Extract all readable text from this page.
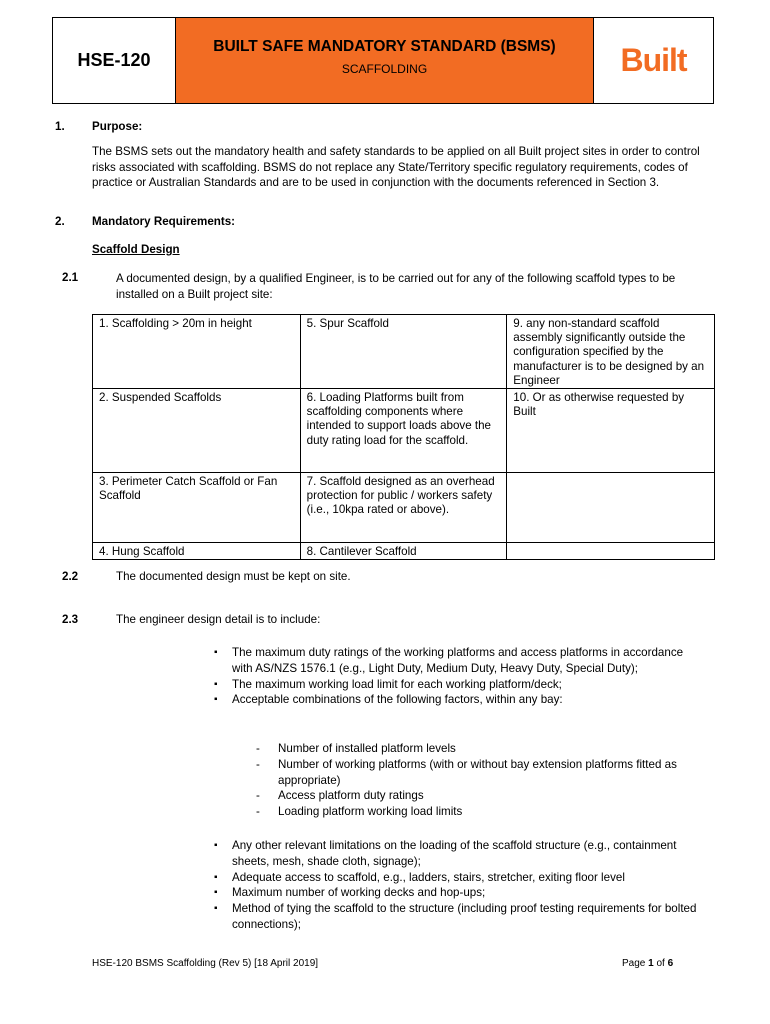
HSE-120
BUILT SAFE MANDATORY STANDARD (BSMS)
SCAFFOLDING	Built
1. Purpose:
The BSMS sets out the mandatory health and safety standards to be applied on all Built project sites in order to control risks associated with scaffolding. BSMS do not replace any State/Territory specific regulatory requirements, codes of practice or Australian Standards and are to be used in conjunction with the documents referenced in Section 3.
2. Mandatory Requirements:
Scaffold Design
2.1	A documented design, by a qualified Engineer, is to be carried out for any of the following scaffold types to be installed on a Built project site:
1. Scaffolding > 20m in height	5. Spur Scaffold	9. any non-standard scaffold assembly significantly outside the configuration specified by the manufacturer is to be designed by an Engineer
2. Suspended Scaffolds	6. Loading Platforms built from scaffolding components where intended to support loads above the duty rating load for the scaffold.	10. Or as otherwise requested by Built
3. Perimeter Catch Scaffold or Fan Scaffold	7. Scaffold designed as an overhead protection for public / workers safety (i.e., 10kpa rated or above).	
4. Hung Scaffold	8. Cantilever Scaffold	
2.2	The documented design must be kept on site.
2.3	The engineer design detail is to include:
▪ The maximum duty ratings of the working platforms and access platforms in accordance with AS/NZS 1576.1 (e.g., Light Duty, Medium Duty, Heavy Duty, Special Duty);
▪ The maximum working load limit for each working platform/deck;
▪ Acceptable combinations of the following factors, within any bay:
- Number of installed platform levels
- Number of working platforms (with or without bay extension platforms fitted as appropriate)
- Access platform duty ratings
- Loading platform working load limits
▪ Any other relevant limitations on the loading of the scaffold structure (e.g., containment sheets, mesh, shade cloth, signage);
▪ Adequate access to scaffold, e.g., ladders, stairs, stretcher, exiting floor level
▪ Maximum number of working decks and hop-ups;
▪ Method of tying the scaffold to the structure (including proof testing requirements for bolted connections);
HSE-120 BSMS Scaffolding (Rev 5) [18 April 2019]	Page 1 of 6
